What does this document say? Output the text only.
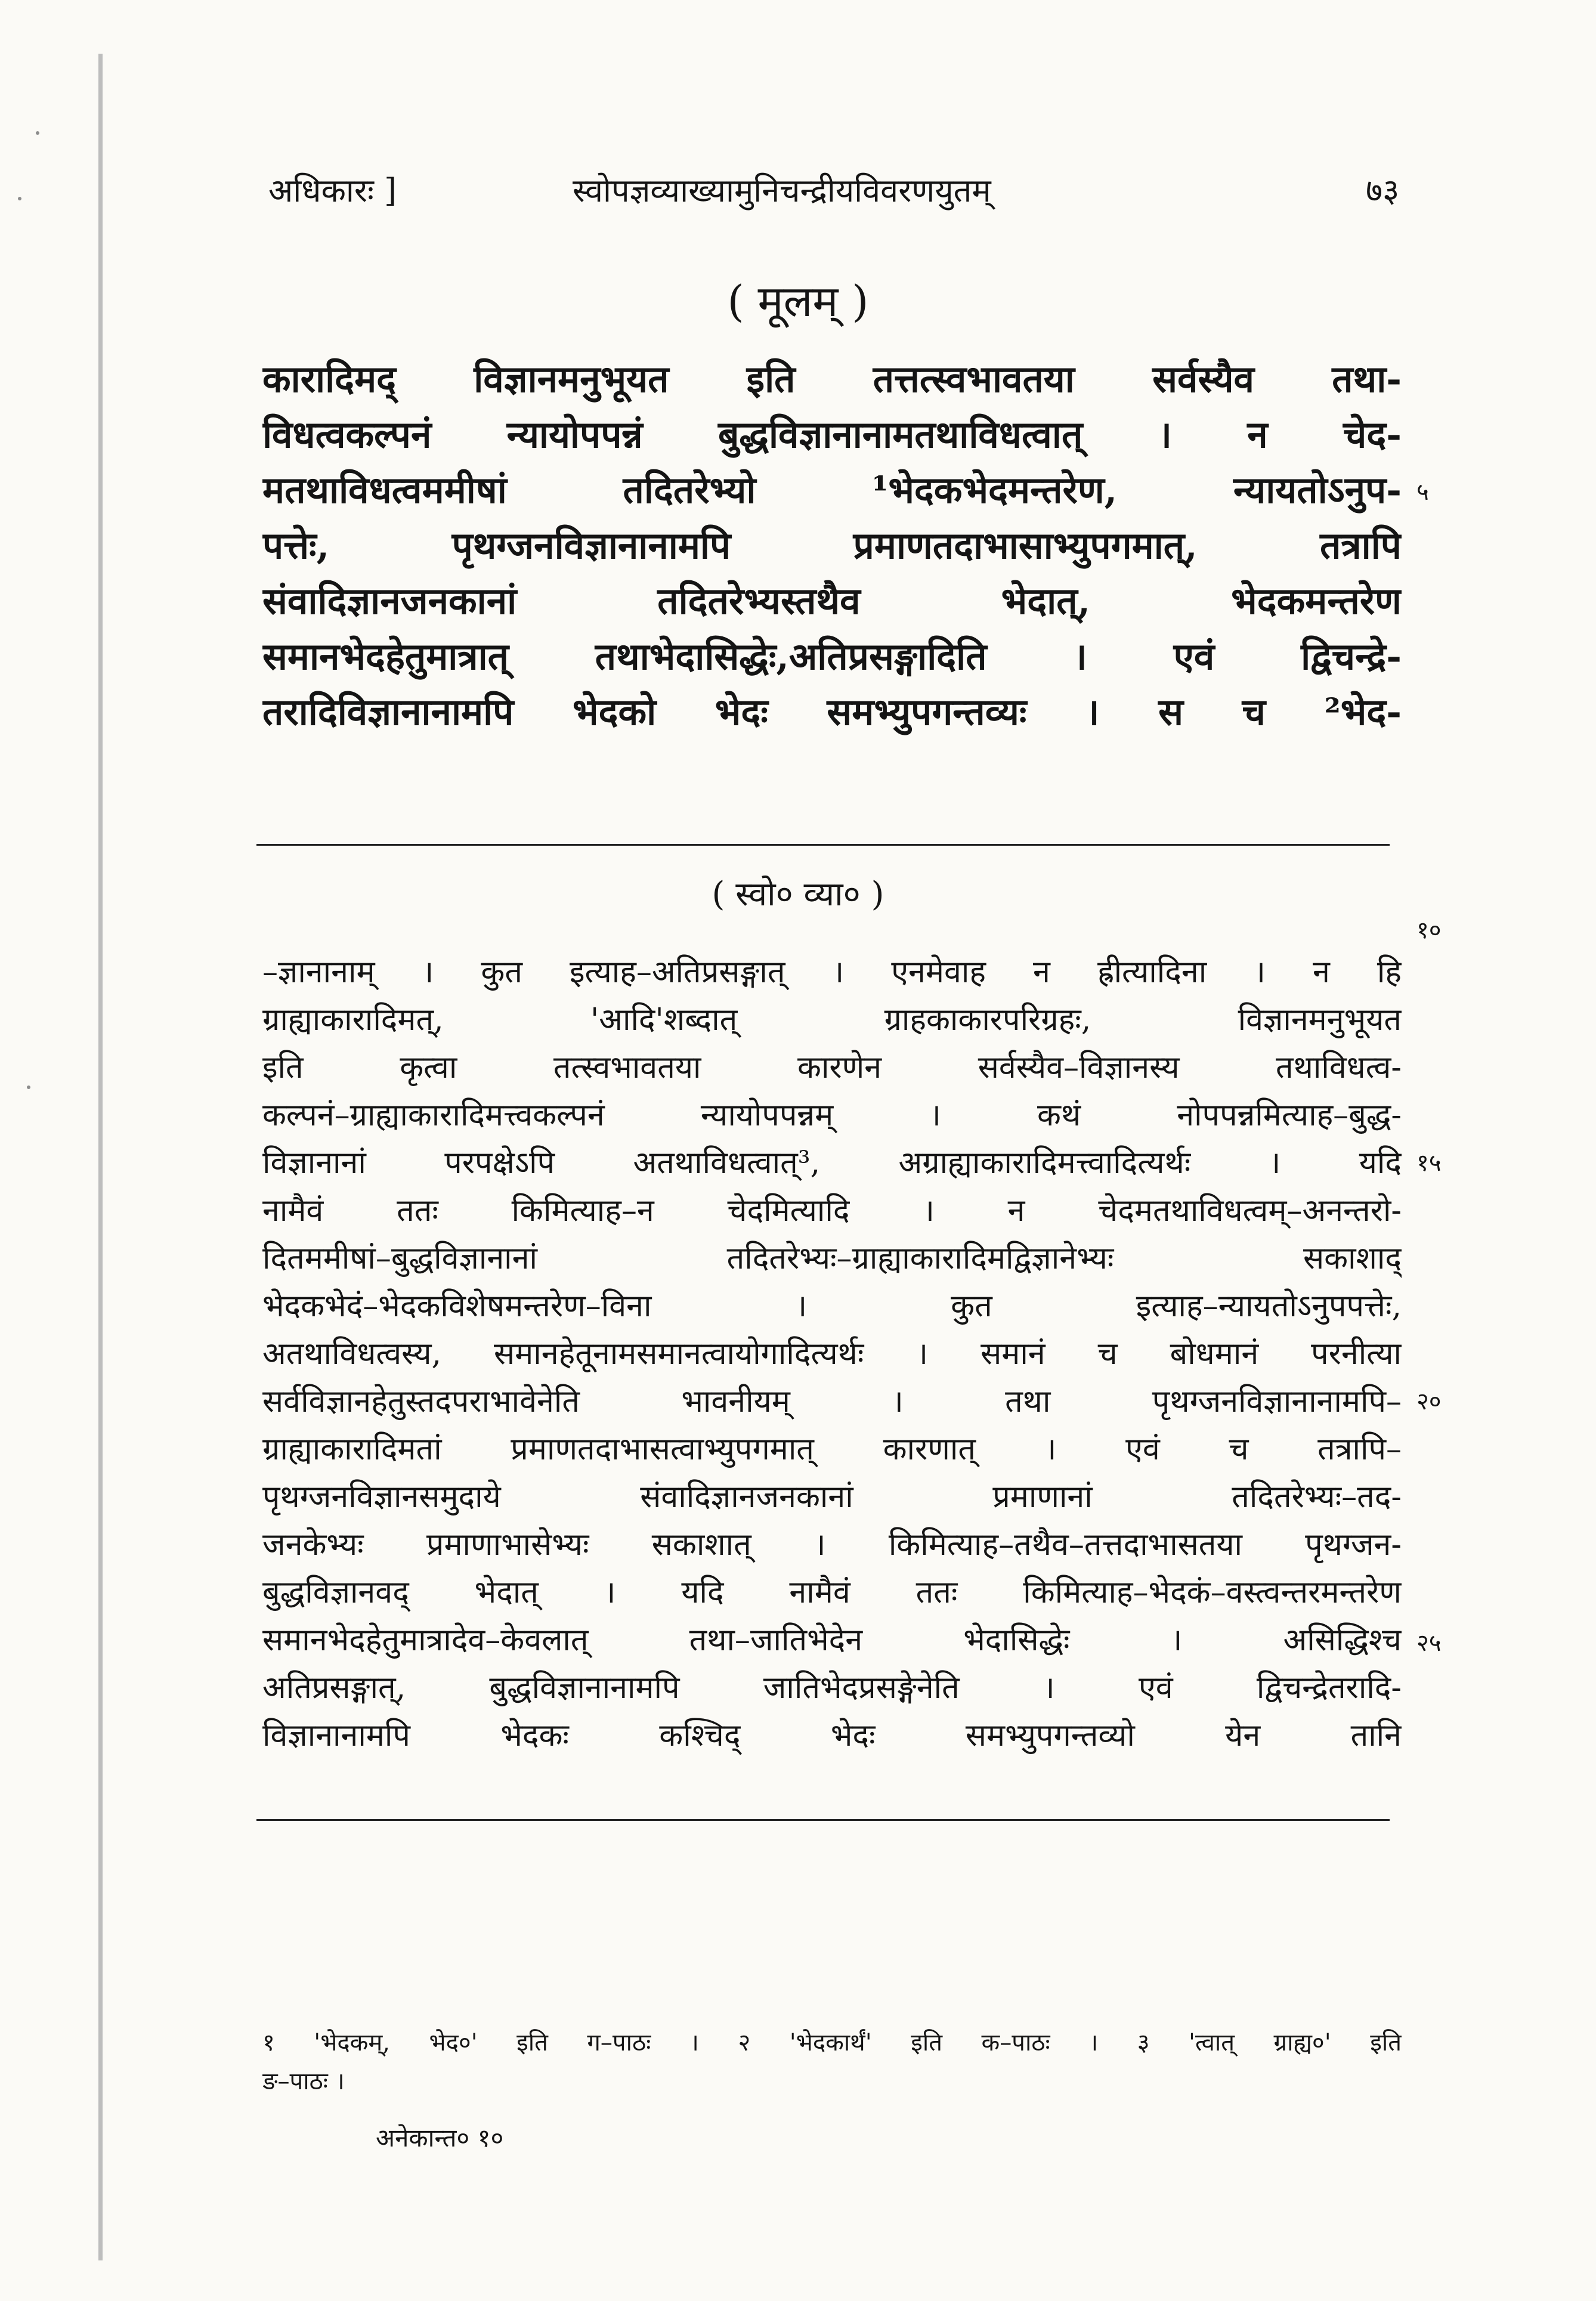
अधिकारः ]	स्वोपज्ञव्याख्यामुनिचन्द्रीयविवरणयुतम्	७३
( मूलम् )
कारादिमद् विज्ञानमनुभूयत इति तत्तत्स्वभावतया सर्वस्यैव तथा-
विधत्वकल्पनं न्यायोपपन्नं बुद्धविज्ञानानामतथाविधत्वात् । न चेद-
मतथाविधत्वममीषां तदितरेभ्यो ¹भेदकभेदमन्तरेण, न्यायतोऽनुप-
पत्तेः, पृथग्जनविज्ञानानामपि प्रमाणतदाभासाभ्युपगमात्, तत्रापि
संवादिज्ञानजनकानां तदितरेभ्यस्तथैव भेदात्, भेदकमन्तरेण
समानभेदहेतुमात्रात् तथाभेदासिद्धेः,अतिप्रसङ्गादिति । एवं द्विचन्द्रे-
तरादिविज्ञानानामपि भेदको भेदः समभ्युपगन्तव्यः । स च ²भेद-
( स्वो० व्या० )
–ज्ञानानाम् । कुत इत्याह–अतिप्रसङ्गात् । एनमेवाह न ह्रीत्यादिना । न हि
ग्राह्याकारादिमत्, 'आदि'शब्दात् ग्राहकाकारपरिग्रहः, विज्ञानमनुभूयत
इति कृत्वा तत्स्वभावतया कारणेन सर्वस्यैव–विज्ञानस्य तथाविधत्व-
कल्पनं–ग्राह्याकारादिमत्त्वकल्पनं न्यायोपपन्नम् । कथं नोपपन्नमित्याह–बुद्ध-
विज्ञानानां परपक्षेऽपि अतथाविधत्वात्³, अग्राह्याकारादिमत्त्वादित्यर्थः । यदि
नामैवं ततः किमित्याह–न चेदमित्यादि । न चेदमतथाविधत्वम्–अनन्तरो-
दितममीषां–बुद्धविज्ञानानां तदितरेभ्यः–ग्राह्याकारादिमद्विज्ञानेभ्यः सकाशाद्
भेदकभेदं–भेदकविशेषमन्तरेण–विना । कुत इत्याह–न्यायतोऽनुपपत्तेः,
अतथाविधत्वस्य, समानहेतूनामसमानत्वायोगादित्यर्थः । समानं च बोधमानं परनीत्या
सर्वविज्ञानहेतुस्तदपराभावेनेति भावनीयम् । तथा पृथग्जनविज्ञानानामपि–
ग्राह्याकारादिमतां प्रमाणतदाभासत्वाभ्युपगमात् कारणात् । एवं च तत्रापि–
पृथग्जनविज्ञानसमुदाये संवादिज्ञानजनकानां प्रमाणानां तदितरेभ्यः–तद-
जनकेभ्यः प्रमाणाभासेभ्यः सकाशात् । किमित्याह–तथैव–तत्तदाभासतया पृथग्जन-
बुद्धविज्ञानवद् भेदात् । यदि नामैवं ततः किमित्याह–भेदकं–वस्त्वन्तरमन्तरेण
समानभेदहेतुमात्रादेव–केवलात् तथा–जातिभेदेन भेदासिद्धेः । असिद्धिश्च
अतिप्रसङ्गात्, बुद्धविज्ञानानामपि जातिभेदप्रसङ्गेनेति । एवं द्विचन्द्रेतरादि-
विज्ञानानामपि भेदकः कश्चिद् भेदः समभ्युपगन्तव्यो येन तानि
५
१०
१५
२०
२५
१ 'भेदकम्, भेद०' इति ग–पाठः । २ 'भेदकार्थं' इति क–पाठः । ३ 'त्वात् ग्राह्य०' इति
ङ–पाठः ।
अनेकान्त० १०
